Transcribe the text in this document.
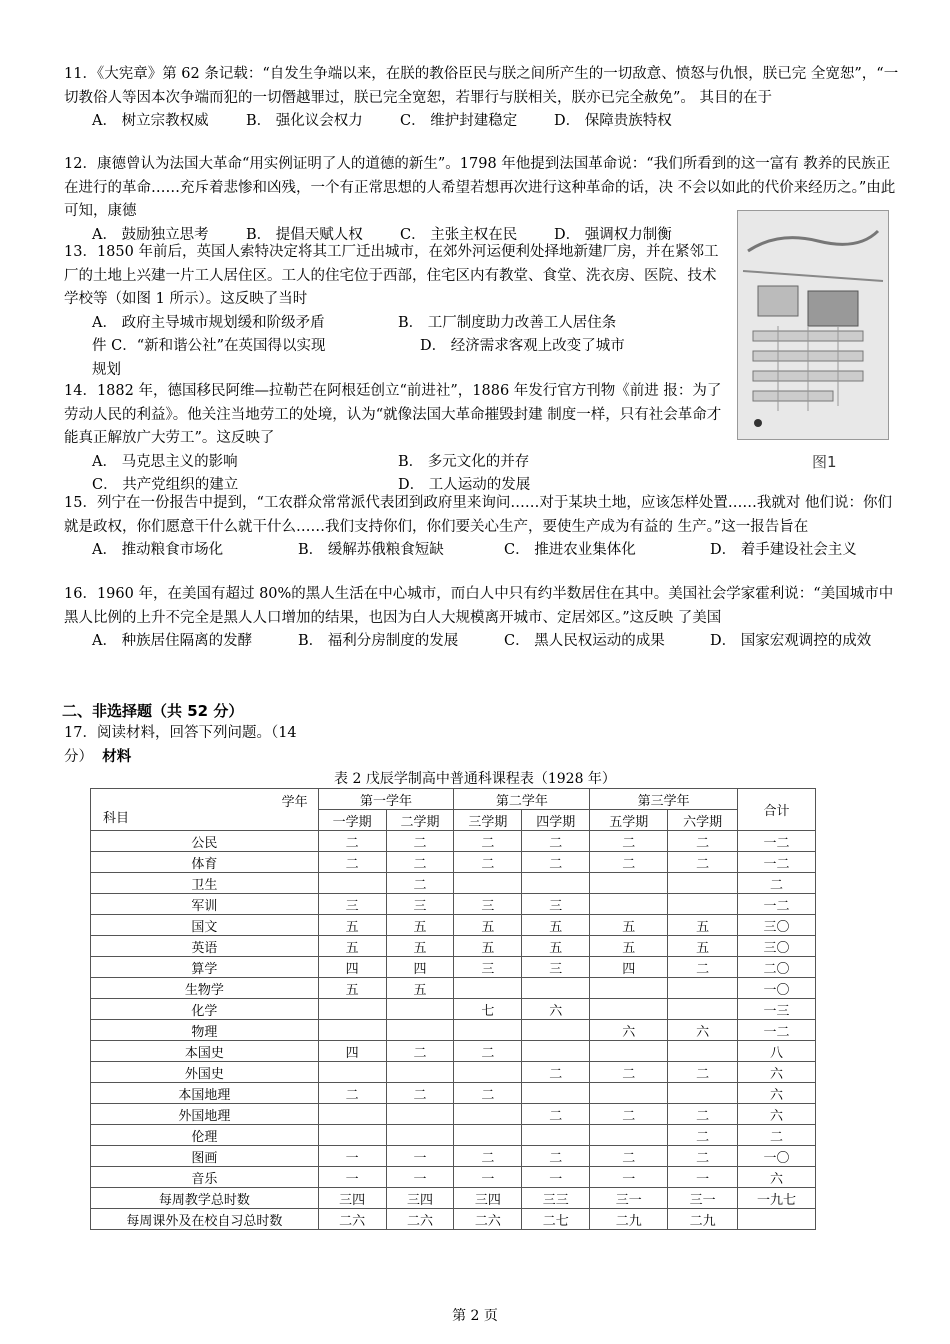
11．《大宪章》第 62 条记载：“自发生争端以来，在朕的教俗臣民与朕之间所产生的一切敌意、愤怒与仇恨，朕已完 全宽恕”，“一切教俗人等因本次争端而犯的一切僭越罪过，朕已完全宽恕，若罪行与朕相关，朕亦已完全赦免”。 其目的在于
A． 树立宗教权威	B． 强化议会权力	C． 维护封建稳定	D． 保障贵族特权
12．康德曾认为法国大革命“用实例证明了人的道德的新生”。1798 年他提到法国革命说：“我们所看到的这一富有 教养的民族正在进行的革命……充斥着悲惨和凶残，一个有正常思想的人希望若想再次进行这种革命的话，决 不会以如此的代价来经历之。”由此可知，康德
A． 鼓励独立思考	B． 提倡天赋人权	C． 主张主权在民	D． 强调权力制衡
13．1850 年前后，英国人索特决定将其工厂迁出城市，在郊外河运便利处择地新建厂房，并在紧邻工厂的土地上兴建一片工人居住区。工人的住宅位于西部，住宅区内有教堂、食堂、洗衣房、医院、技术学校等（如图 1 所示）。这反映了当时
A． 政府主导城市规划缓和阶级矛盾	B． 工厂制度助力改善工人居住条
件 C．“新和谐公社”在英国得以实现	D． 经济需求客观上改变了城市
规划
图1
14．1882 年，德国移民阿维—拉勒芒在阿根廷创立“前进社”，1886 年发行官方刊物《前进 报：为了劳动人民的利益》。他关注当地劳工的处境，认为“就像法国大革命摧毁封建 制度一样，只有社会革命才能真正解放广大劳工”。这反映了
A． 马克思主义的影响	B． 多元文化的并存
C． 共产党组织的建立	D． 工人运动的发展
15．列宁在一份报告中提到，“工农群众常常派代表团到政府里来询问……对于某块土地，应该怎样处置……我就对 他们说：你们就是政权，你们愿意干什么就干什么……我们支持你们，你们要关心生产，要使生产成为有益的 生产。”这一报告旨在
A． 推动粮食市场化	B． 缓解苏俄粮食短缺	C． 推进农业集体化	D． 着手建设社会主义
16．1960 年，在美国有超过 80%的黑人生活在中心城市，而白人中只有约半数居住在其中。美国社会学家霍利说：“美国城市中黑人比例的上升不完全是黑人人口增加的结果，也因为白人大规模离开城市、定居郊区。”这反映 了美国
A． 种族居住隔离的发酵	B． 福利分房制度的发展	C． 黑人民权运动的成果	D． 国家宏观调控的成效
二、非选择题（共 52 分）
17．阅读材料，回答下列问题。（14
分） 材料
表 2 戊辰学制高中普通科课程表（1928 年）
学年
科目	第一学年		第二学年		第三学年		合计
	一学期	二学期	三学期	四学期	五学期	六学期	
公民	二	二	二	二	二	二	一二
体育	二	二	二	二	二	二	一二
卫生		二					二
军训	三	三	三	三			一二
国文	五	五	五	五	五	五	三〇
英语	五	五	五	五	五	五	三〇
算学	四	四	三	三	四	二	二〇
生物学	五	五					一〇
化学			七	六			一三
物理					六	六	一二
本国史	四	二	二				八
外国史				二	二	二	六
本国地理	二	二	二				六
外国地理				二	二	二	六
伦理						二	二
图画	一	一	二	二	二	二	一〇
音乐	一	一	一	一	一	一	六
每周教学总时数	三四	三四	三四	三三	三一	三一	一九七
每周课外及在校自习总时数	二六	二六	二六	二七	二九	二九	
第 2 页
